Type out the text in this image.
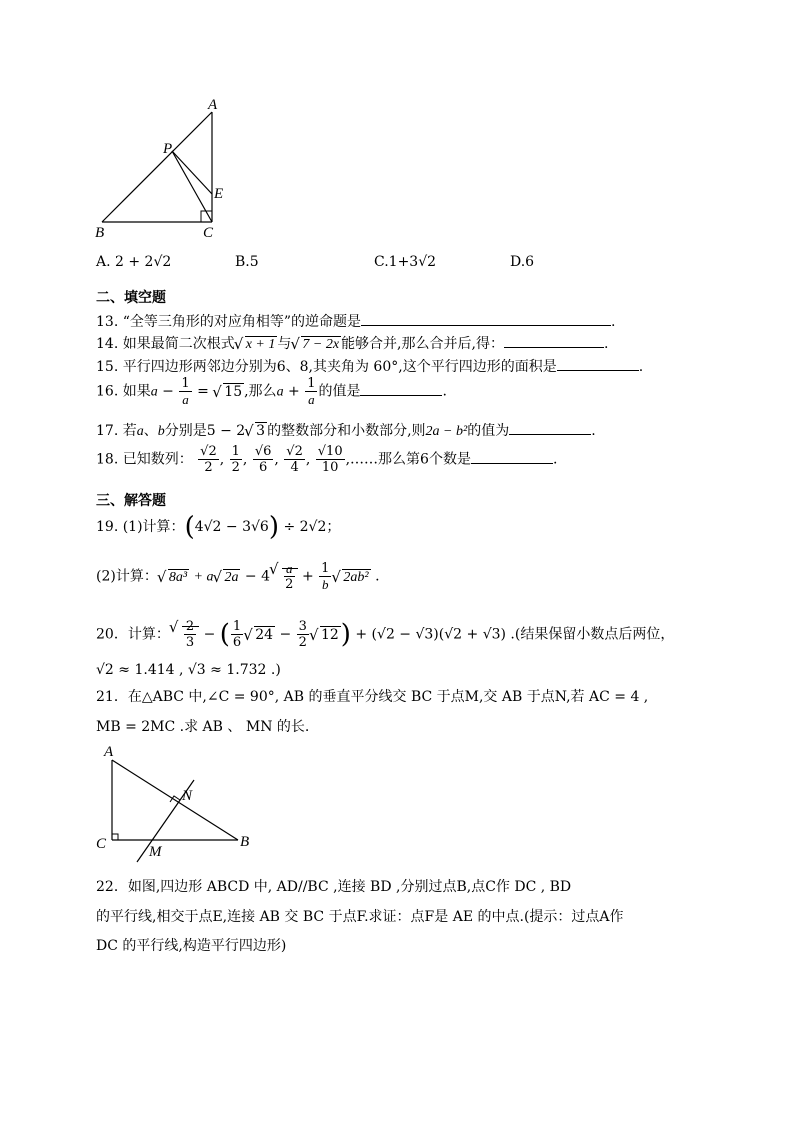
A
P
E
B	C
A. 2 + 2√2	B.5	C.1+3√2	D.6
二、填空题
13. “全等三角形的对应角相等”的逆命题是	.
14. 如果最简二次根式 √ x + 1 与 √ 7 − 2x 能够合并,那么合并后,得：	.
15. 平行四边形两邻边分别为6、8,其夹角为 60°,这个平行四边形的面积是	.
16. 如果$a - \frac{1}{a}$ = √ 15 ,那么$a + \frac{1}{a}$ 的值是	.
17. 若a、b分别是5 − 2 √ 3 的整数部分和小数部分,则2a − b²的值为	.
18. 已知数列： $\frac{√2}{2}$ , $\frac{1}{2}$ , $\frac{√6}{6}$ , $\frac{√2}{4}$ , $\frac{√10}{10}$ ,……那么第6个数是	.
三、解答题
19. (1)计算：(4√2 − 3√6) ÷ 2√2；
(2)计算： √ 8a³ + a √ 2a − 4 √ $\frac{a}{2} + \frac{1}{b}$ √ 2ab² .
20．计算： √ $\frac{2}{3}$ − ( $\frac{1}{6}$ √ $24 - \frac{3}{2}$ √ 12) + (√2 − √3)(√2 + √3) .(结果保留小数点后两位，
√2 ≈ 1.414 , √3 ≈ 1.732 .)
21．在△ABC 中,∠C = 90°, AB 的垂直平分线交 BC 于点M,交 AB 于点N,若 AC = 4 ,
MB = 2MC .求 AB 、 MN 的长.
A
N
C	M
B
22．如图,四边形 ABCD 中, AD//BC ,连接 BD ,分别过点B,点C作 DC , BD
的平行线,相交于点E,连接 AB 交 BC 于点F.求证：点F是 AE 的中点.(提示：过点A作
DC 的平行线,构造平行四边形)
